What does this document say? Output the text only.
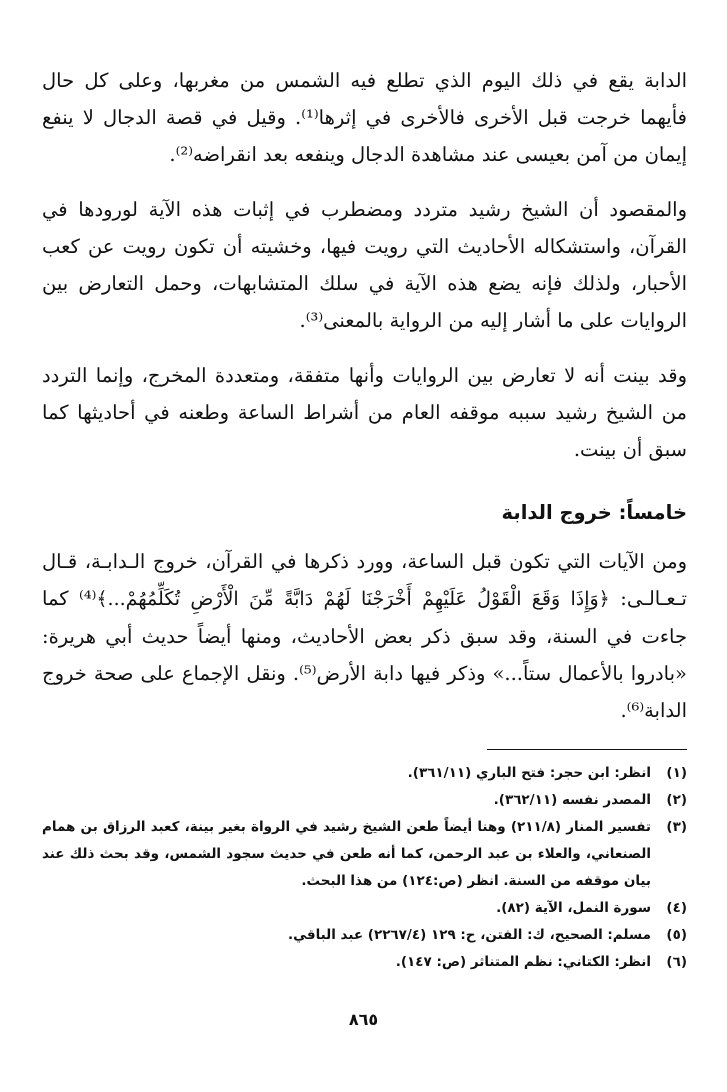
الدابة يقع في ذلك اليوم الذي تطلع فيه الشمس من مغربها، وعلى كل حال فأيهما خرجت قبل الأخرى فالأخرى في إثرها⁽¹⁾. وقيل في قصة الدجال لا ينفع إيمان من آمن بعيسى عند مشاهدة الدجال وينفعه بعد انقراضه⁽²⁾.

والمقصود أن الشيخ رشيد متردد ومضطرب في إثبات هذه الآية لورودها في القرآن، واستشكاله الأحاديث التي رويت فيها، وخشيته أن تكون رويت عن كعب الأحبار، ولذلك فإنه يضع هذه الآية في سلك المتشابهات، وحمل التعارض بين الروايات على ما أشار إليه من الرواية بالمعنى⁽³⁾.

وقد بينت أنه لا تعارض بين الروايات وأنها متفقة، ومتعددة المخرج، وإنما التردد من الشيخ رشيد سببه موقفه العام من أشراط الساعة وطعنه في أحاديثها كما سبق أن بينت.

خامساً: خروج الدابة

ومن الآيات التي تكون قبل الساعة، وورد ذكرها في القرآن، خروج الـدابـة، قـال تـعـالـى: ﴿وَإِذَا وَقَعَ الْقَوْلُ عَلَيْهِمْ أَخْرَجْنَا لَهُمْ دَابَّةً مِّنَ الْأَرْضِ تُكَلِّمُهُمْ...﴾⁽⁴⁾ كما جاءت في السنة، وقد سبق ذكر بعض الأحاديث، ومنها أيضاً حديث أبي هريرة: «بادروا بالأعمال ستاً...» وذكر فيها دابة الأرض⁽⁵⁾. ونقل الإجماع على صحة خروج الدابة⁽⁶⁾.

(١)
انظر: ابن حجر: فتح الباري (٣٦١/١١).
(٢)
المصدر نفسه (٣٦٢/١١).
(٣)
تفسير المنار (٢١١/٨) وهنا أيضاً طعن الشيخ رشيد في الرواة بغير بينة، كعبد الرزاق بن همام الصنعاني، والعلاء بن عبد الرحمن، كما أنه طعن في حديث سجود الشمس، وقد بحث ذلك عند بيان موقفه من السنة. انظر (ص:١٢٤) من هذا البحث.
(٤)
سورة النمل، الآية (٨٢).
(٥)
مسلم: الصحيح، ك: الفتن، ح: ١٢٩ (٢٢٦٧/٤) عبد الباقي.
(٦)
انظر: الكتاني: نظم المتناثر (ص: ١٤٧).
٨٦٥
